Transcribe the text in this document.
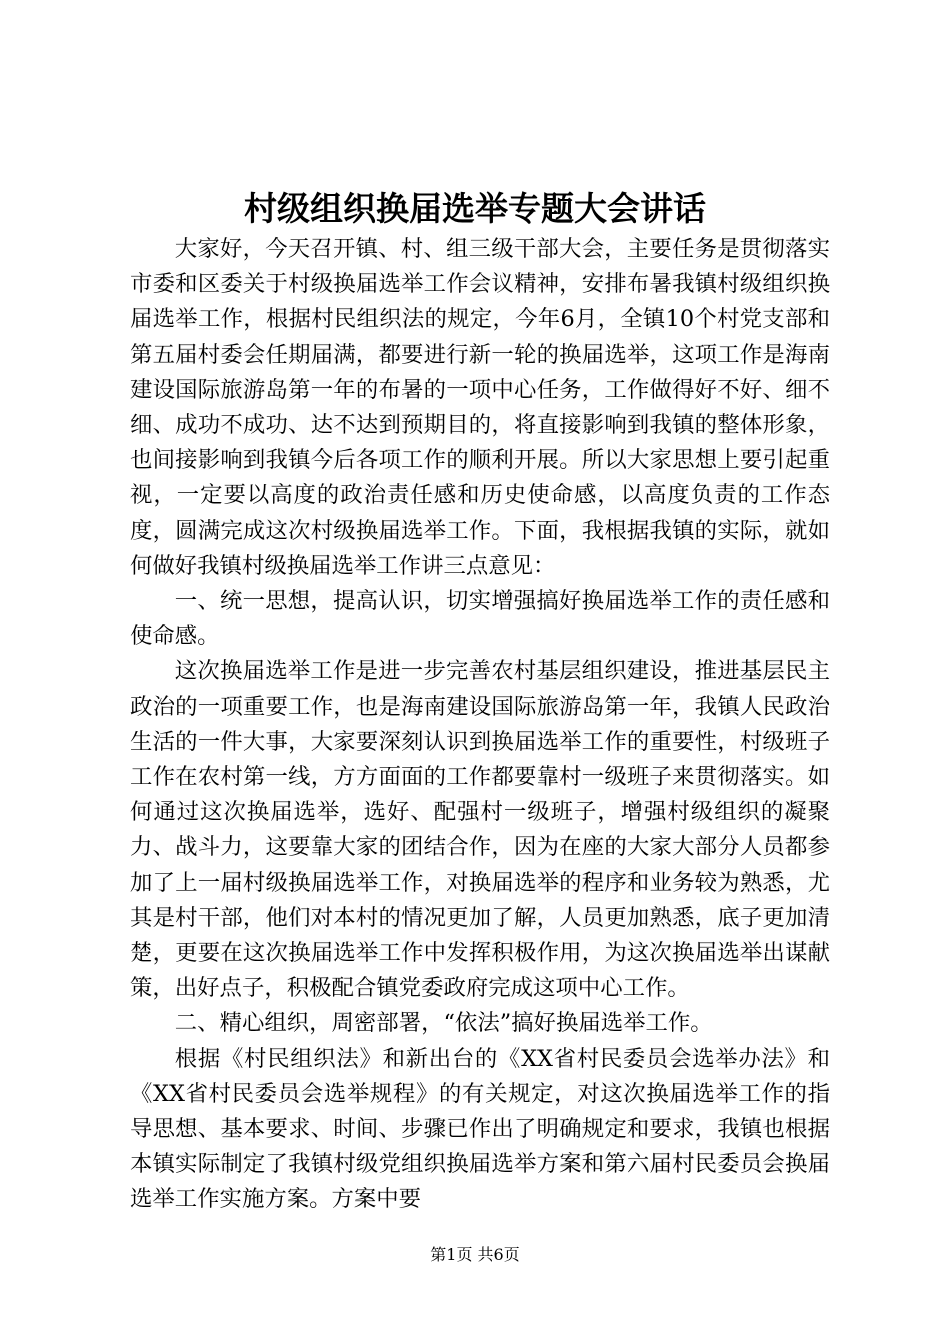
村级组织换届选举专题大会讲话

大家好，今天召开镇、村、组三级干部大会，主要任务是贯彻落实市委和区委关于村级换届选举工作会议精神，安排布暑我镇村级组织换届选举工作，根据村民组织法的规定，今年6月，全镇10个村党支部和第五届村委会任期届满，都要进行新一轮的换届选举，这项工作是海南建设国际旅游岛第一年的布暑的一项中心任务，工作做得好不好、细不细、成功不成功、达不达到预期目的，将直接影响到我镇的整体形象，也间接影响到我镇今后各项工作的顺利开展。所以大家思想上要引起重视，一定要以高度的政治责任感和历史使命感，以高度负责的工作态度，圆满完成这次村级换届选举工作。下面，我根据我镇的实际，就如何做好我镇村级换届选举工作讲三点意见：

一、统一思想，提高认识，切实增强搞好换届选举工作的责任感和使命感。

这次换届选举工作是进一步完善农村基层组织建设，推进基层民主政治的一项重要工作，也是海南建设国际旅游岛第一年，我镇人民政治生活的一件大事，大家要深刻认识到换届选举工作的重要性，村级班子工作在农村第一线，方方面面的工作都要靠村一级班子来贯彻落实。如何通过这次换届选举，选好、配强村一级班子，增强村级组织的凝聚力、战斗力，这要靠大家的团结合作，因为在座的大家大部分人员都参加了上一届村级换届选举工作，对换届选举的程序和业务较为熟悉，尤其是村干部，他们对本村的情况更加了解，人员更加熟悉，底子更加清楚，更要在这次换届选举工作中发挥积极作用，为这次换届选举出谋献策，出好点子，积极配合镇党委政府完成这项中心工作。

二、精心组织，周密部署，“依法”搞好换届选举工作。

根据《村民组织法》和新出台的《XX省村民委员会选举办法》和《XX省村民委员会选举规程》的有关规定，对这次换届选举工作的指导思想、基本要求、时间、步骤已作出了明确规定和要求，我镇也根据本镇实际制定了我镇村级党组织换届选举方案和第六届村民委员会换届选举工作实施方案。方案中要

第1页 共6页
